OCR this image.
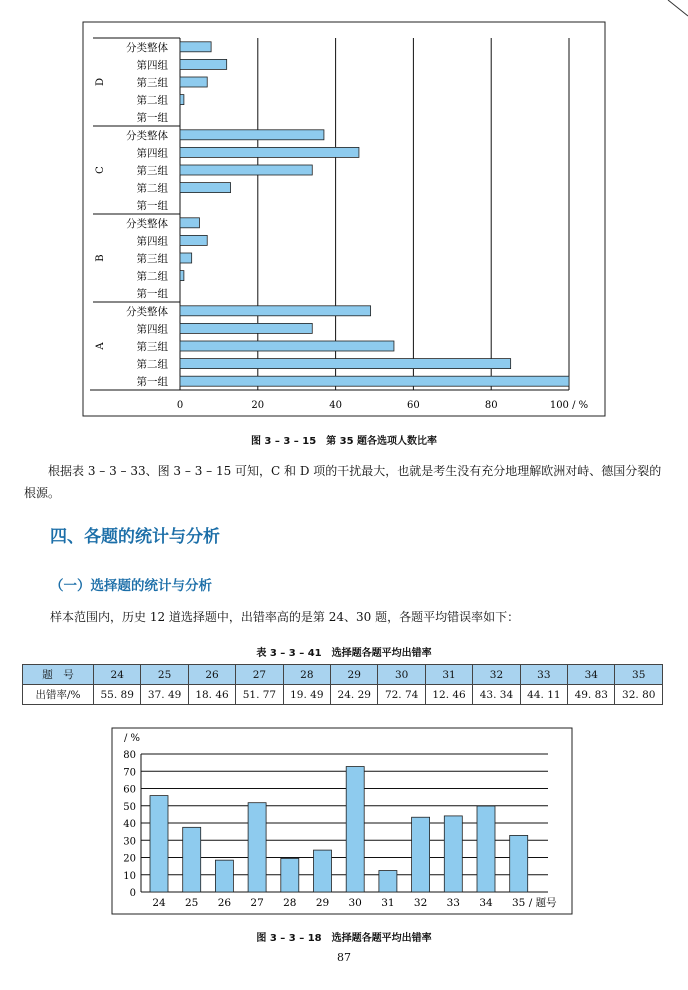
0	20	40	60	80	100 / %
D
分类整体
第四组
第三组
第二组
第一组
C
分类整体
第四组
第三组
第二组
第一组
B
分类整体
第四组
第三组
第二组
第一组
A
分类整体
第四组
第三组
第二组
第一组
图 3 – 3 – 15　第 35 题各选项人数比率
根据表 3 – 3 – 33、图 3 – 3 – 15 可知，C 和 D 项的干扰最大，也就是考生没有充分地理解欧洲对峙、德国分裂的根源。
四、各题的统计与分析
（一）选择题的统计与分析
样本范围内，历史 12 道选择题中，出错率高的是第 24、30 题，各题平均错误率如下：
表 3 – 3 – 41　选择题各题平均出错率
题　号	24	25	26	27	28	29	30	31	32	33	34	35
出错率/%	55. 89	37. 49	18. 46	51. 77	19. 49	24. 29	72. 74	12. 46	43. 34	44. 11	49. 83	32. 80
/ %
0
10
20
30
40
50
60
70
80
24 25 26 27 28 29 30 31 32 33 34 35 / 题号
图 3 – 3 – 18　选择题各题平均出错率
87
